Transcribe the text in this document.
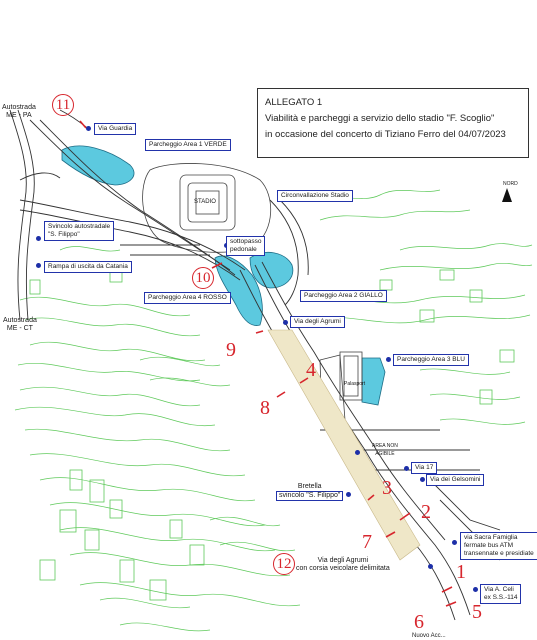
ALLEGATO 1
Viabilità e parcheggi a servizio dello stadio "F. Scoglio"
in occasione del concerto di Tiziano Ferro del 04/07/2023
Autostrada
ME - PA
Autostrada
ME - CT
Via Guardia
Parcheggio Area 1 VERDE
STADIO
Circonvallazione Stadio
Svincolo autostradale
"S. Filippo"
Rampa di uscita da Catania
sottopasso
pedonale
Parcheggio Area 4 ROSSO	Parcheggio Area 2 GIALLO
Via degli Agrumi
Parcheggio Area 3 BLU
Palasport
AREA NON
AGIBILE
Via 17
Via dei Gelsomini
Bretella
svincolo "S. Filippo"
Via degli Agrumi
con corsia veicolare delimitata
via Sacra Famiglia
fermate bus ATM
transennate e presidiate
Via A. Celi
ex S.S.-114
NORD
Nuovo Acc...
11
10
9
8
4
3
2
7
12	1
5
6
